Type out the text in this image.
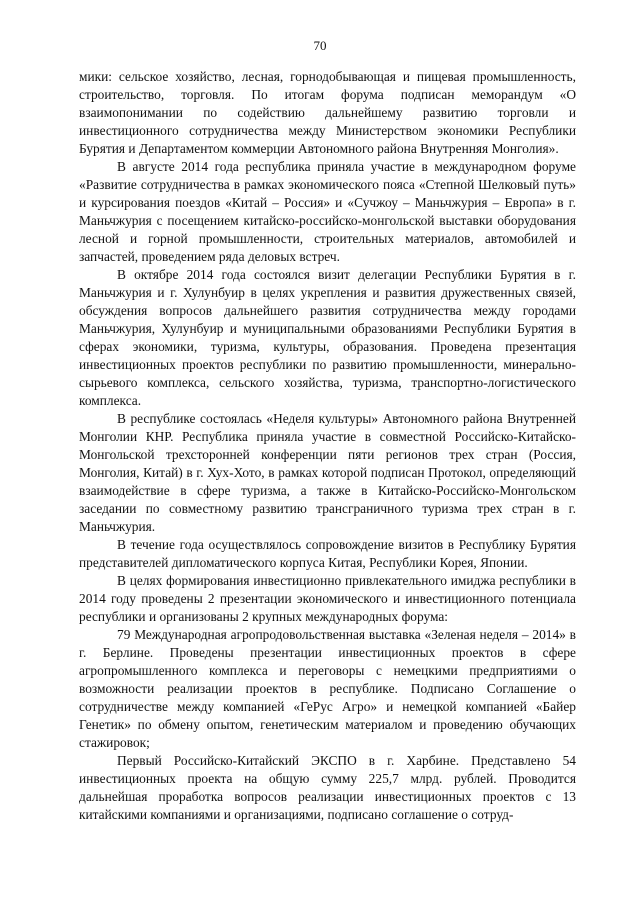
70

мики: сельское хозяйство, лесная, горнодобывающая и пищевая промышленность, строительство, торговля. По итогам форума подписан меморандум «О взаимопонимании по содействию дальнейшему развитию торговли и инвестиционного сотрудничества между Министерством экономики Республики Бурятия и Департаментом коммерции Автономного района Внутренняя Монголия».

В августе 2014 года республика приняла участие в международном форуме «Развитие сотрудничества в рамках экономического пояса «Степной Шелковый путь» и курсирования поездов «Китай – Россия» и «Сучжоу – Маньчжурия – Европа» в г. Маньчжурия с посещением китайско-российско-монгольской выставки оборудования лесной и горной промышленности, строительных материалов, автомобилей и запчастей, проведением ряда деловых встреч.

В октябре 2014 года состоялся визит делегации Республики Бурятия в г. Маньчжурия и г. Хулунбуир в целях укрепления и развития дружественных связей, обсуждения вопросов дальнейшего развития сотрудничества между городами Маньчжурия, Хулунбуир и муниципальными образованиями Республики Бурятия в сферах экономики, туризма, культуры, образования. Проведена презентация инвестиционных проектов республики по развитию промышленности, минерально-сырьевого комплекса, сельского хозяйства, туризма, транспортно-логистического комплекса.

В республике состоялась «Неделя культуры» Автономного района Внутренней Монголии КНР. Республика приняла участие в совместной Российско-Китайско-Монгольской трехсторонней конференции пяти регионов трех стран (Россия, Монголия, Китай) в г. Хух-Хото, в рамках которой подписан Протокол, определяющий взаимодействие в сфере туризма, а также в Китайско-Российско-Монгольском заседании по совместному развитию трансграничного туризма трех стран в г. Маньчжурия.

В течение года осуществлялось сопровождение визитов в Республику Бурятия представителей дипломатического корпуса Китая, Республики Корея, Японии.

В целях формирования инвестиционно привлекательного имиджа республики в 2014 году проведены 2 презентации экономического и инвестиционного потенциала республики и организованы 2 крупных международных форума:

79 Международная агропродовольственная выставка «Зеленая неделя – 2014» в г. Берлине. Проведены презентации инвестиционных проектов в сфере агропромышленного комплекса и переговоры с немецкими предприятиями о возможности реализации проектов в республике. Подписано Соглашение о сотрудничестве между компанией «ГеРус Агро» и немецкой компанией «Байер Генетик» по обмену опытом, генетическим материалом и проведению обучающих стажировок;

Первый Российско-Китайский ЭКСПО в г. Харбине. Представлено 54 инвестиционных проекта на общую сумму 225,7 млрд. рублей. Проводится дальнейшая проработка вопросов реализации инвестиционных проектов с 13 китайскими компаниями и организациями, подписано соглашение о сотруд-
